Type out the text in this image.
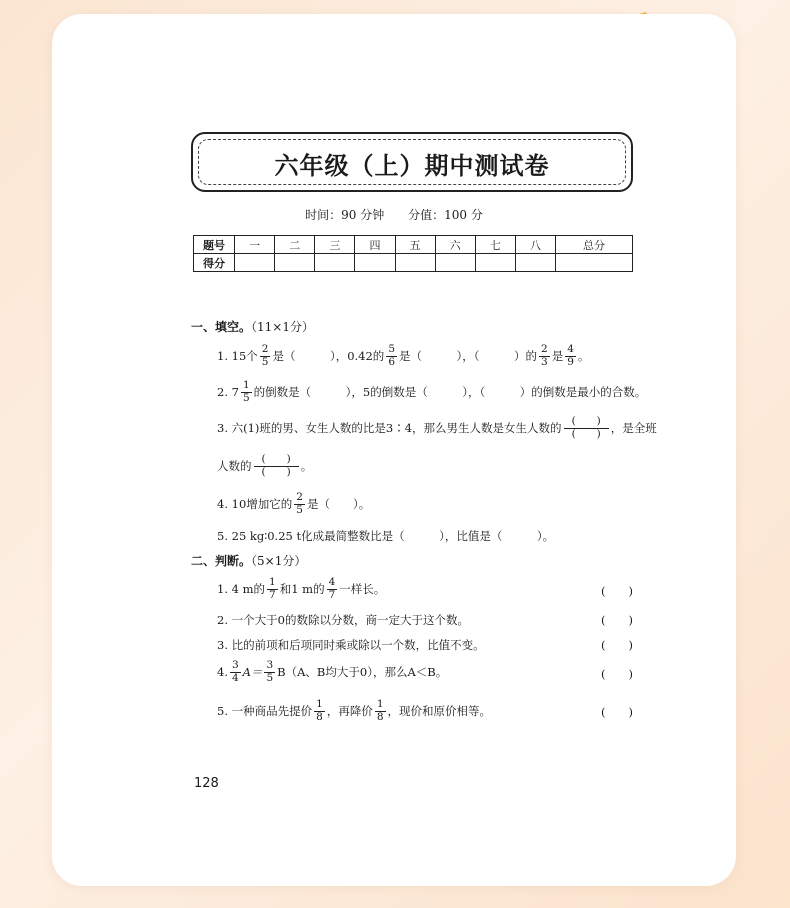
六年级（上）期中测试卷
时间：90 分钟 分值：100 分
题号	一	二	三	四	五	六	七	八	总分
得分									
一、填空。（11×1分）
1. 15个 $\frac{2}{5}$ 是（　　　），0.42的 $\frac{5}{6}$ 是（　　　），（　　　）的 $\frac{2}{3}$ 是 $\frac{4}{9}$ 。
2. $7 \frac{1}{5}$ 的倒数是（　　　），5的倒数是（　　　），（　　　）的倒数是最小的合数。
3. 六(1)班的男、女生人数的比是3∶4，那么男生人数是女生人数的 $\frac{( )}{( )}$ ，是全班
人数的 $\frac{( )}{( )}$ 。
4. 10增加它的 $\frac{2}{5}$ 是（　　）。
5. 25 kg∶0.25 t化成最简整数比是（　　　），比值是（　　　）。
二、判断。（5×1分）
1. 4 m的 $\frac{1}{7}$ 和1 m的 $\frac{4}{7}$ 一样长。	(　　)
2. 一个大于0的数除以分数，商一定大于这个数。	(　　)
3. 比的前项和后项同时乘或除以一个数，比值不变。	(　　)
4. $\frac{3}{4} A= \frac{3}{5} B(A$、B均大于0），那么A＜B。	(　　)
5. 一种商品先提价 $\frac{1}{8}$ ，再降价 $\frac{1}{8}$ ，现价和原价相等。	(　　)
128
